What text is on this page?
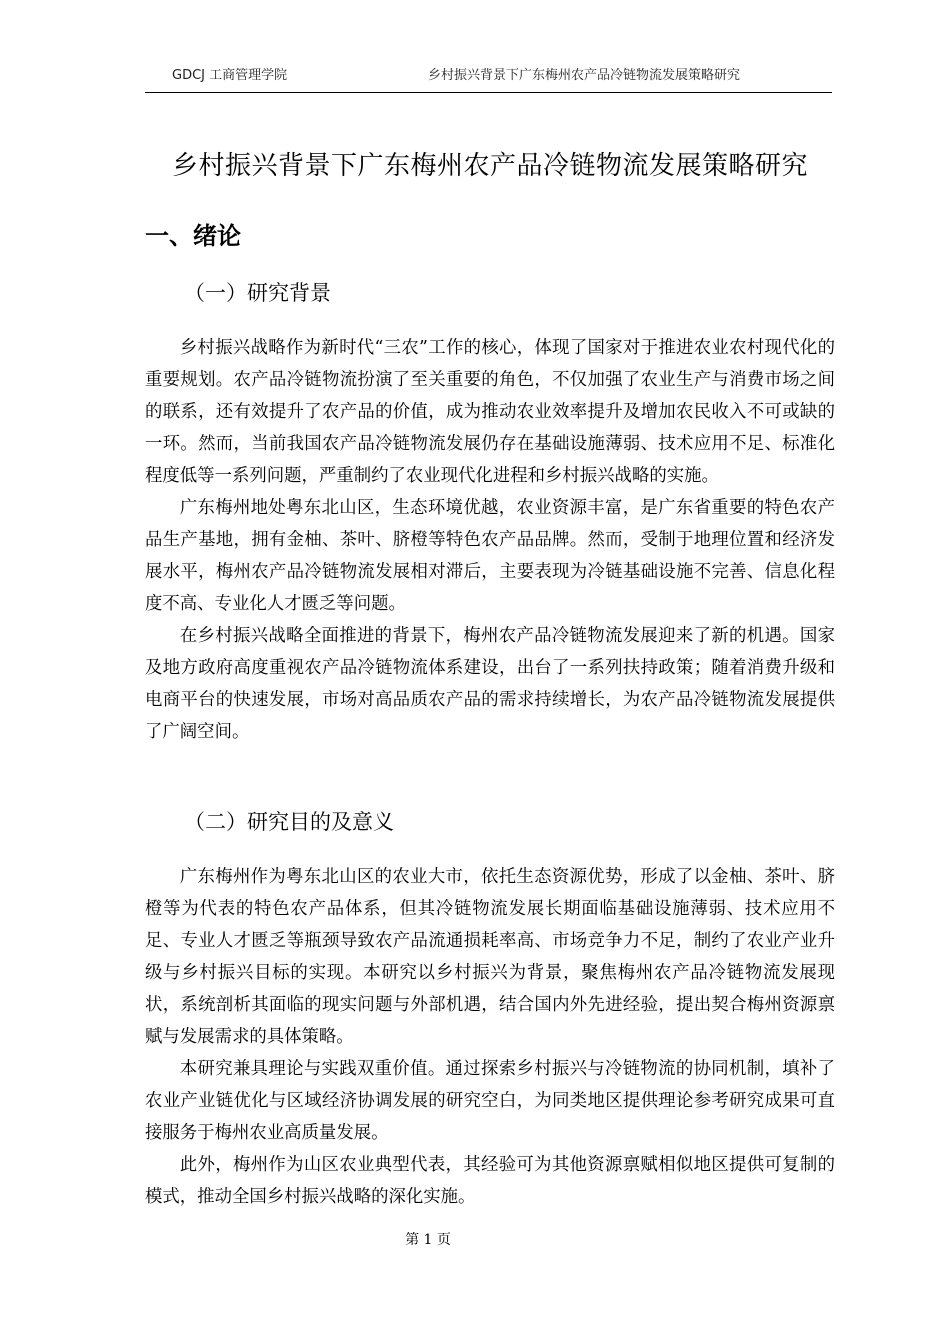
GDCJ 工商管理学院	乡村振兴背景下广东梅州农产品冷链物流发展策略研究
乡村振兴背景下广东梅州农产品冷链物流发展策略研究
一、绪论
（一）研究背景

乡村振兴战略作为新时代“三农”工作的核心，体现了国家对于推进农业农村现代化的重要规划。农产品冷链物流扮演了至关重要的角色，不仅加强了农业生产与消费市场之间的联系，还有效提升了农产品的价值，成为推动农业效率提升及增加农民收入不可或缺的一环。然而，当前我国农产品冷链物流发展仍存在基础设施薄弱、技术应用不足、标准化程度低等一系列问题，严重制约了农业现代化进程和乡村振兴战略的实施。

广东梅州地处粤东北山区，生态环境优越，农业资源丰富，是广东省重要的特色农产品生产基地，拥有金柚、茶叶、脐橙等特色农产品品牌。然而，受制于地理位置和经济发展水平，梅州农产品冷链物流发展相对滞后，主要表现为冷链基础设施不完善、信息化程度不高、专业化人才匮乏等问题。

在乡村振兴战略全面推进的背景下，梅州农产品冷链物流发展迎来了新的机遇。国家及地方政府高度重视农产品冷链物流体系建设，出台了一系列扶持政策；随着消费升级和电商平台的快速发展，市场对高品质农产品的需求持续增长，为农产品冷链物流发展提供了广阔空间。

（二）研究目的及意义

广东梅州作为粤东北山区的农业大市，依托生态资源优势，形成了以金柚、茶叶、脐橙等为代表的特色农产品体系，但其冷链物流发展长期面临基础设施薄弱、技术应用不足、专业人才匮乏等瓶颈导致农产品流通损耗率高、市场竞争力不足，制约了农业产业升级与乡村振兴目标的实现。本研究以乡村振兴为背景，聚焦梅州农产品冷链物流发展现状，系统剖析其面临的现实问题与外部机遇，结合国内外先进经验，提出契合梅州资源禀赋与发展需求的具体策略。

本研究兼具理论与实践双重价值。通过探索乡村振兴与冷链物流的协同机制，填补了农业产业链优化与区域经济协调发展的研究空白，为同类地区提供理论参考研究成果可直接服务于梅州农业高质量发展。

此外，梅州作为山区农业典型代表，其经验可为其他资源禀赋相似地区提供可复制的模式，推动全国乡村振兴战略的深化实施。

第 1 页
